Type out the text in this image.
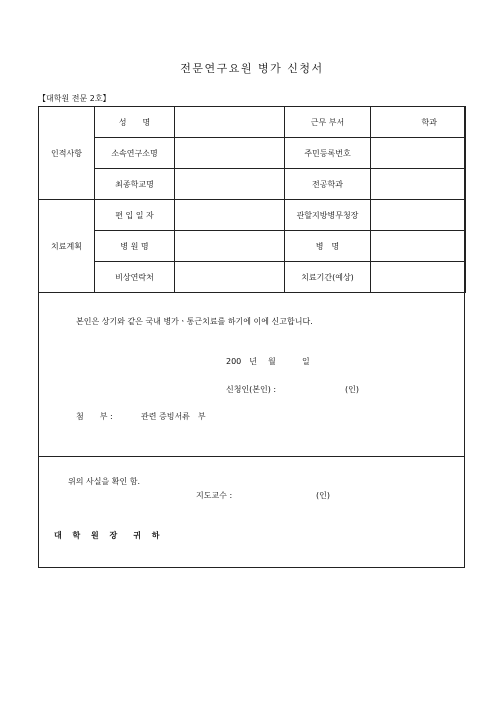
전문연구요원 병가 신청서
【대학원 전문 2호】
인적사항	성　　명		근무 부서	학과
	소속연구소명		주민등록번호	
	최종학교명		전공학과	
치료계획	편 입 일 자		관할지방병무청장	
	병 원 명		병　명	
	비상연락처		치료기간(예상)	
본인은 상기와 같은 국내 병가ㆍ통근치료를 하기에 이에 신고합니다.
200　년 월	일
신청인(본인) :	(인)
첨　　부 :	관련 증빙서류　부
위의 사실을 확인 함.
지도교수 :	(인)
대 학 원 장　귀 하
